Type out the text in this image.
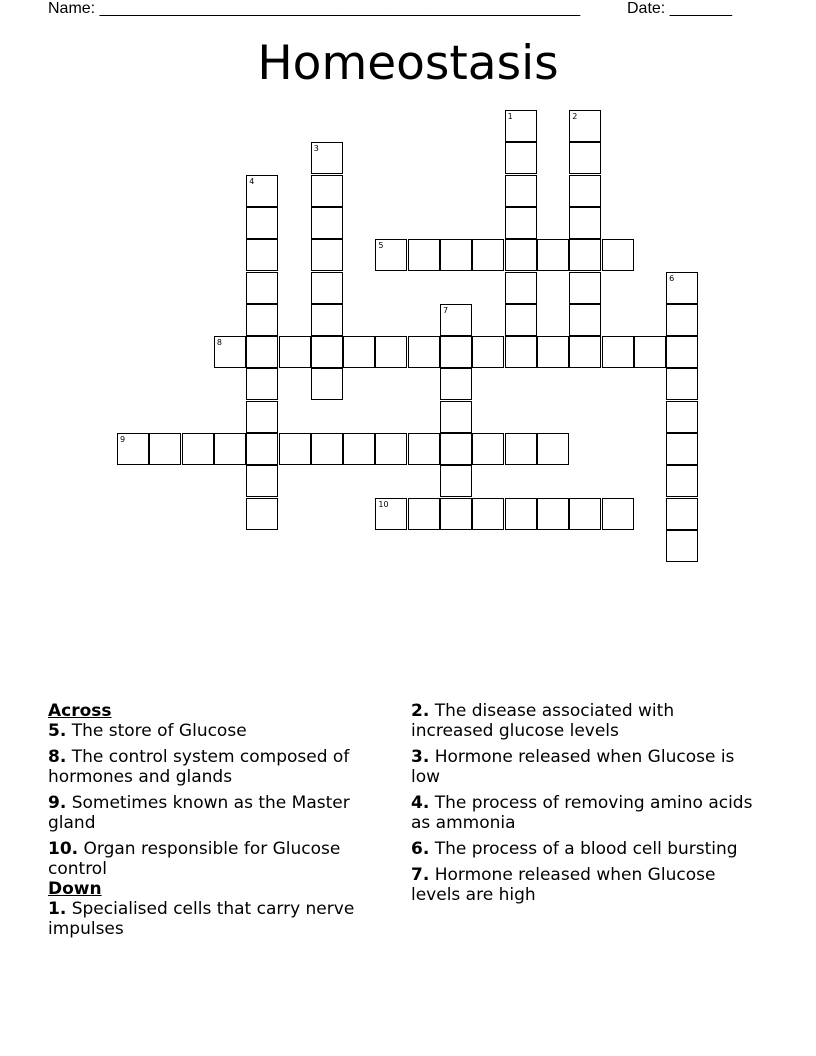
Name: ______________________________________________________	Date: _______
Homeostasis
1	2
3
4
5
6
7
8
9
10
Across
5. The store of Glucose
8. The control system composed of hormones and glands
9. Sometimes known as the Master gland
10. Organ responsible for Glucose control
Down
1. Specialised cells that carry nerve impulses
2. The disease associated with increased glucose levels
3. Hormone released when Glucose is low
4. The process of removing amino acids as ammonia
6. The process of a blood cell bursting
7. Hormone released when Glucose levels are high
